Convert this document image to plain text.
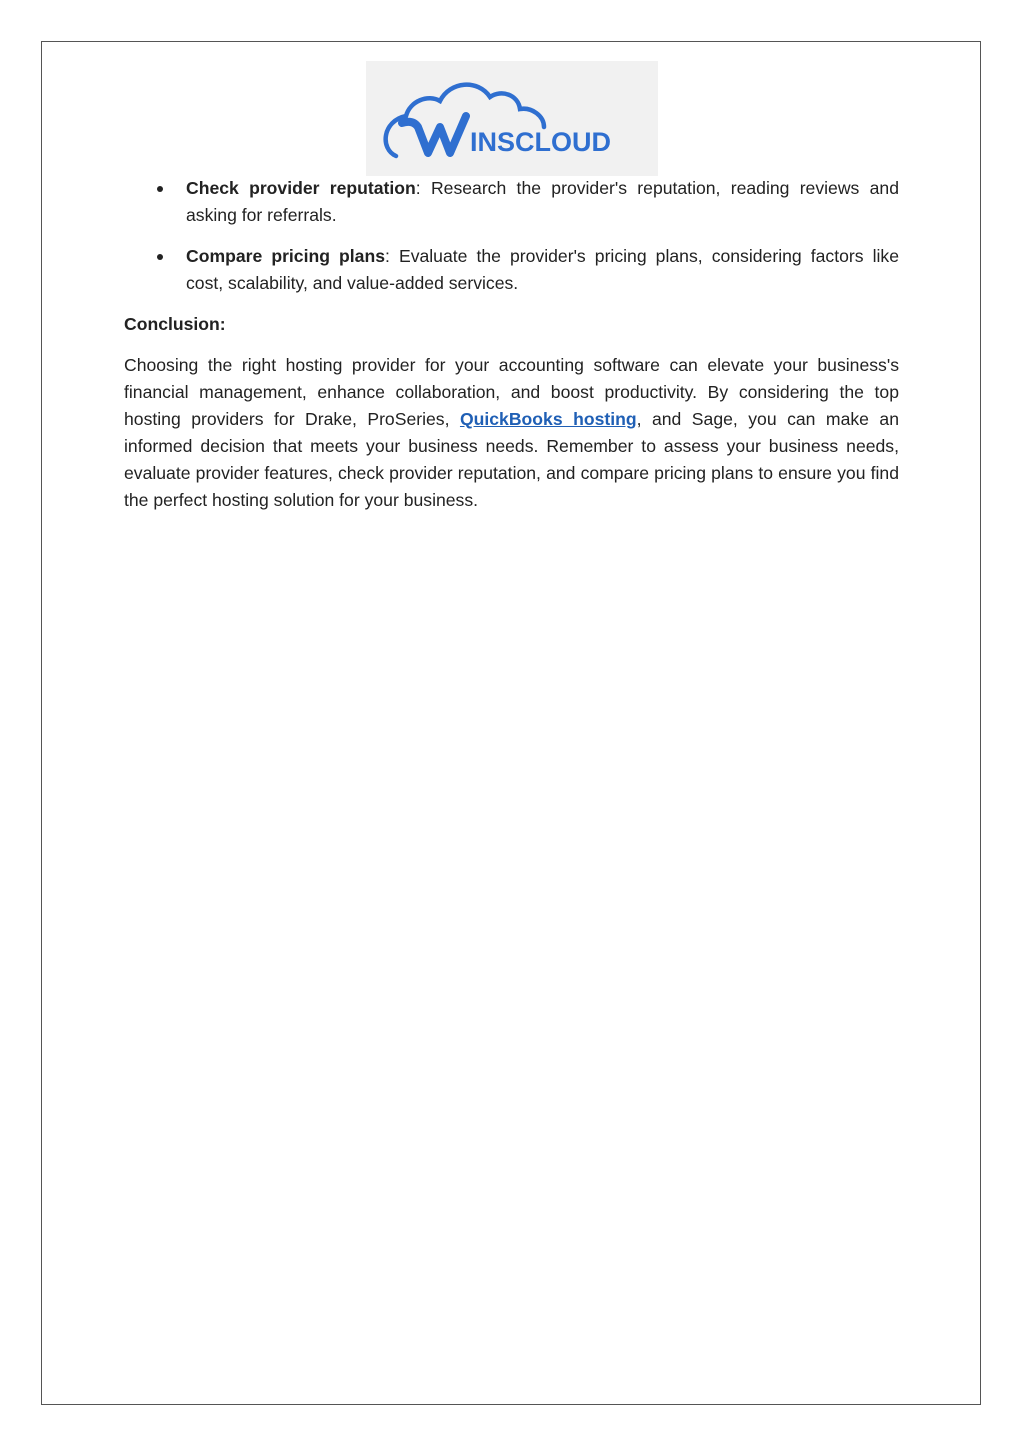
INSCLOUD
Check provider reputation: Research the provider's reputation, reading reviews and asking for referrals.
Compare pricing plans: Evaluate the provider's pricing plans, considering factors like cost, scalability, and value-added services.
Conclusion:

Choosing the right hosting provider for your accounting software can elevate your business's financial management, enhance collaboration, and boost productivity. By considering the top hosting providers for Drake, ProSeries, QuickBooks hosting, and Sage, you can make an informed decision that meets your business needs. Remember to assess your business needs, evaluate provider features, check provider reputation, and compare pricing plans to ensure you find the perfect hosting solution for your business.
